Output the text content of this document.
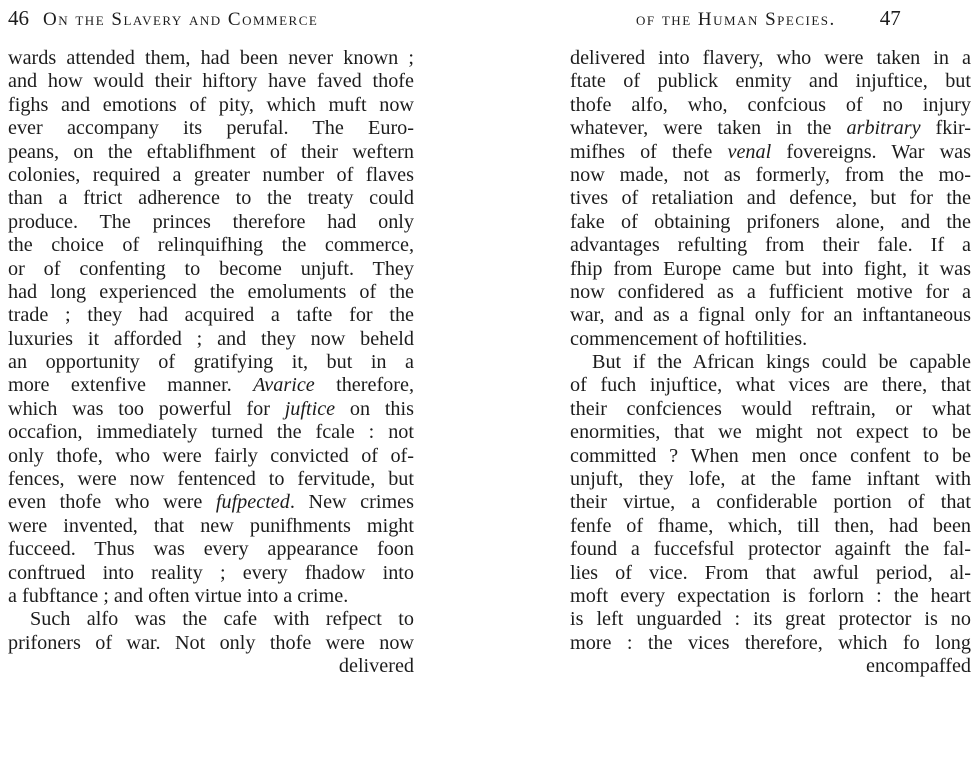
46 On the Slavery and Commerce
wards attended them, had been never known ;
and how would their hiftory have faved thofe
fighs and emotions of pity, which muft now
ever accompany its perufal. The Euro-
peans, on the eftablifhment of their weftern
colonies, required a greater number of flaves
than a ftrict adherence to the treaty could
produce. The princes therefore had only
the choice of relinquifhing the commerce,
or of confenting to become unjuft. They
had long experienced the emoluments of the
trade ; they had acquired a tafte for the
luxuries it afforded ; and they now beheld
an opportunity of gratifying it, but in a
more extenfive manner. Avarice therefore,
which was too powerful for juftice on this
occafion, immediately turned the fcale : not
only thofe, who were fairly convicted of of-
fences, were now fentenced to fervitude, but
even thofe who were fufpected. New crimes
were invented, that new punifhments might
fucceed. Thus was every appearance foon
conftrued into reality ; every fhadow into
a fubftance ; and often virtue into a crime.
Such alfo was the cafe with refpect to
prifoners of war. Not only thofe were now
delivered
of the Human Species. 47
delivered into flavery, who were taken in a
ftate of publick enmity and injuftice, but
thofe alfo, who, confcious of no injury
whatever, were taken in the arbitrary fkir-
mifhes of thefe venal fovereigns. War was
now made, not as formerly, from the mo-
tives of retaliation and defence, but for the
fake of obtaining prifoners alone, and the
advantages refulting from their fale. If a
fhip from Europe came but into fight, it was
now confidered as a fufficient motive for a
war, and as a fignal only for an inftantaneous
commencement of hoftilities.
But if the African kings could be capable
of fuch injuftice, what vices are there, that
their confciences would reftrain, or what
enormities, that we might not expect to be
committed ? When men once confent to be
unjuft, they lofe, at the fame inftant with
their virtue, a confiderable portion of that
fenfe of fhame, which, till then, had been
found a fuccefsful protector againft the fal-
lies of vice. From that awful period, al-
moft every expectation is forlorn : the heart
is left unguarded : its great protector is no
more : the vices therefore, which fo long
encompaffed
